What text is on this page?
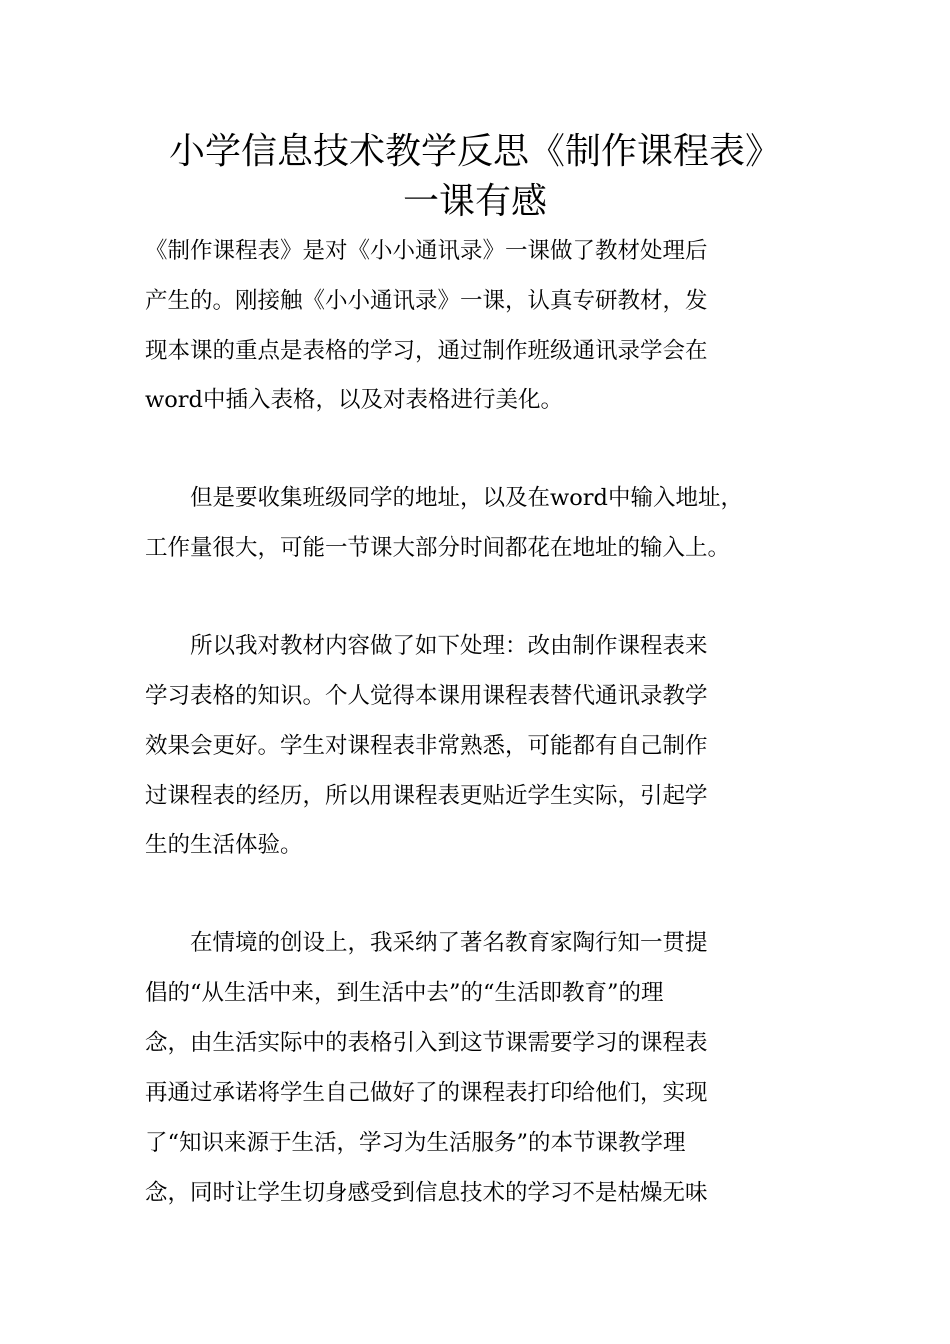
小学信息技术教学反思《制作课程表》
一课有感
《制作课程表》是对《小小通讯录》一课做了教材处理后
产生的。刚接触《小小通讯录》一课，认真专研教材，发
现本课的重点是表格的学习，通过制作班级通讯录学会在
word中插入表格，以及对表格进行美化。
　　但是要收集班级同学的地址，以及在word中输入地址，
工作量很大，可能一节课大部分时间都花在地址的输入上。
　　所以我对教材内容做了如下处理：改由制作课程表来
学习表格的知识。个人觉得本课用课程表替代通讯录教学
效果会更好。学生对课程表非常熟悉，可能都有自己制作
过课程表的经历，所以用课程表更贴近学生实际，引起学
生的生活体验。
　　在情境的创设上，我采纳了著名教育家陶行知一贯提
倡的“从生活中来，到生活中去”的“生活即教育”的理
念，由生活实际中的表格引入到这节课需要学习的课程表
再通过承诺将学生自己做好了的课程表打印给他们，实现
了“知识来源于生活，学习为生活服务”的本节课教学理
念，同时让学生切身感受到信息技术的学习不是枯燥无味
